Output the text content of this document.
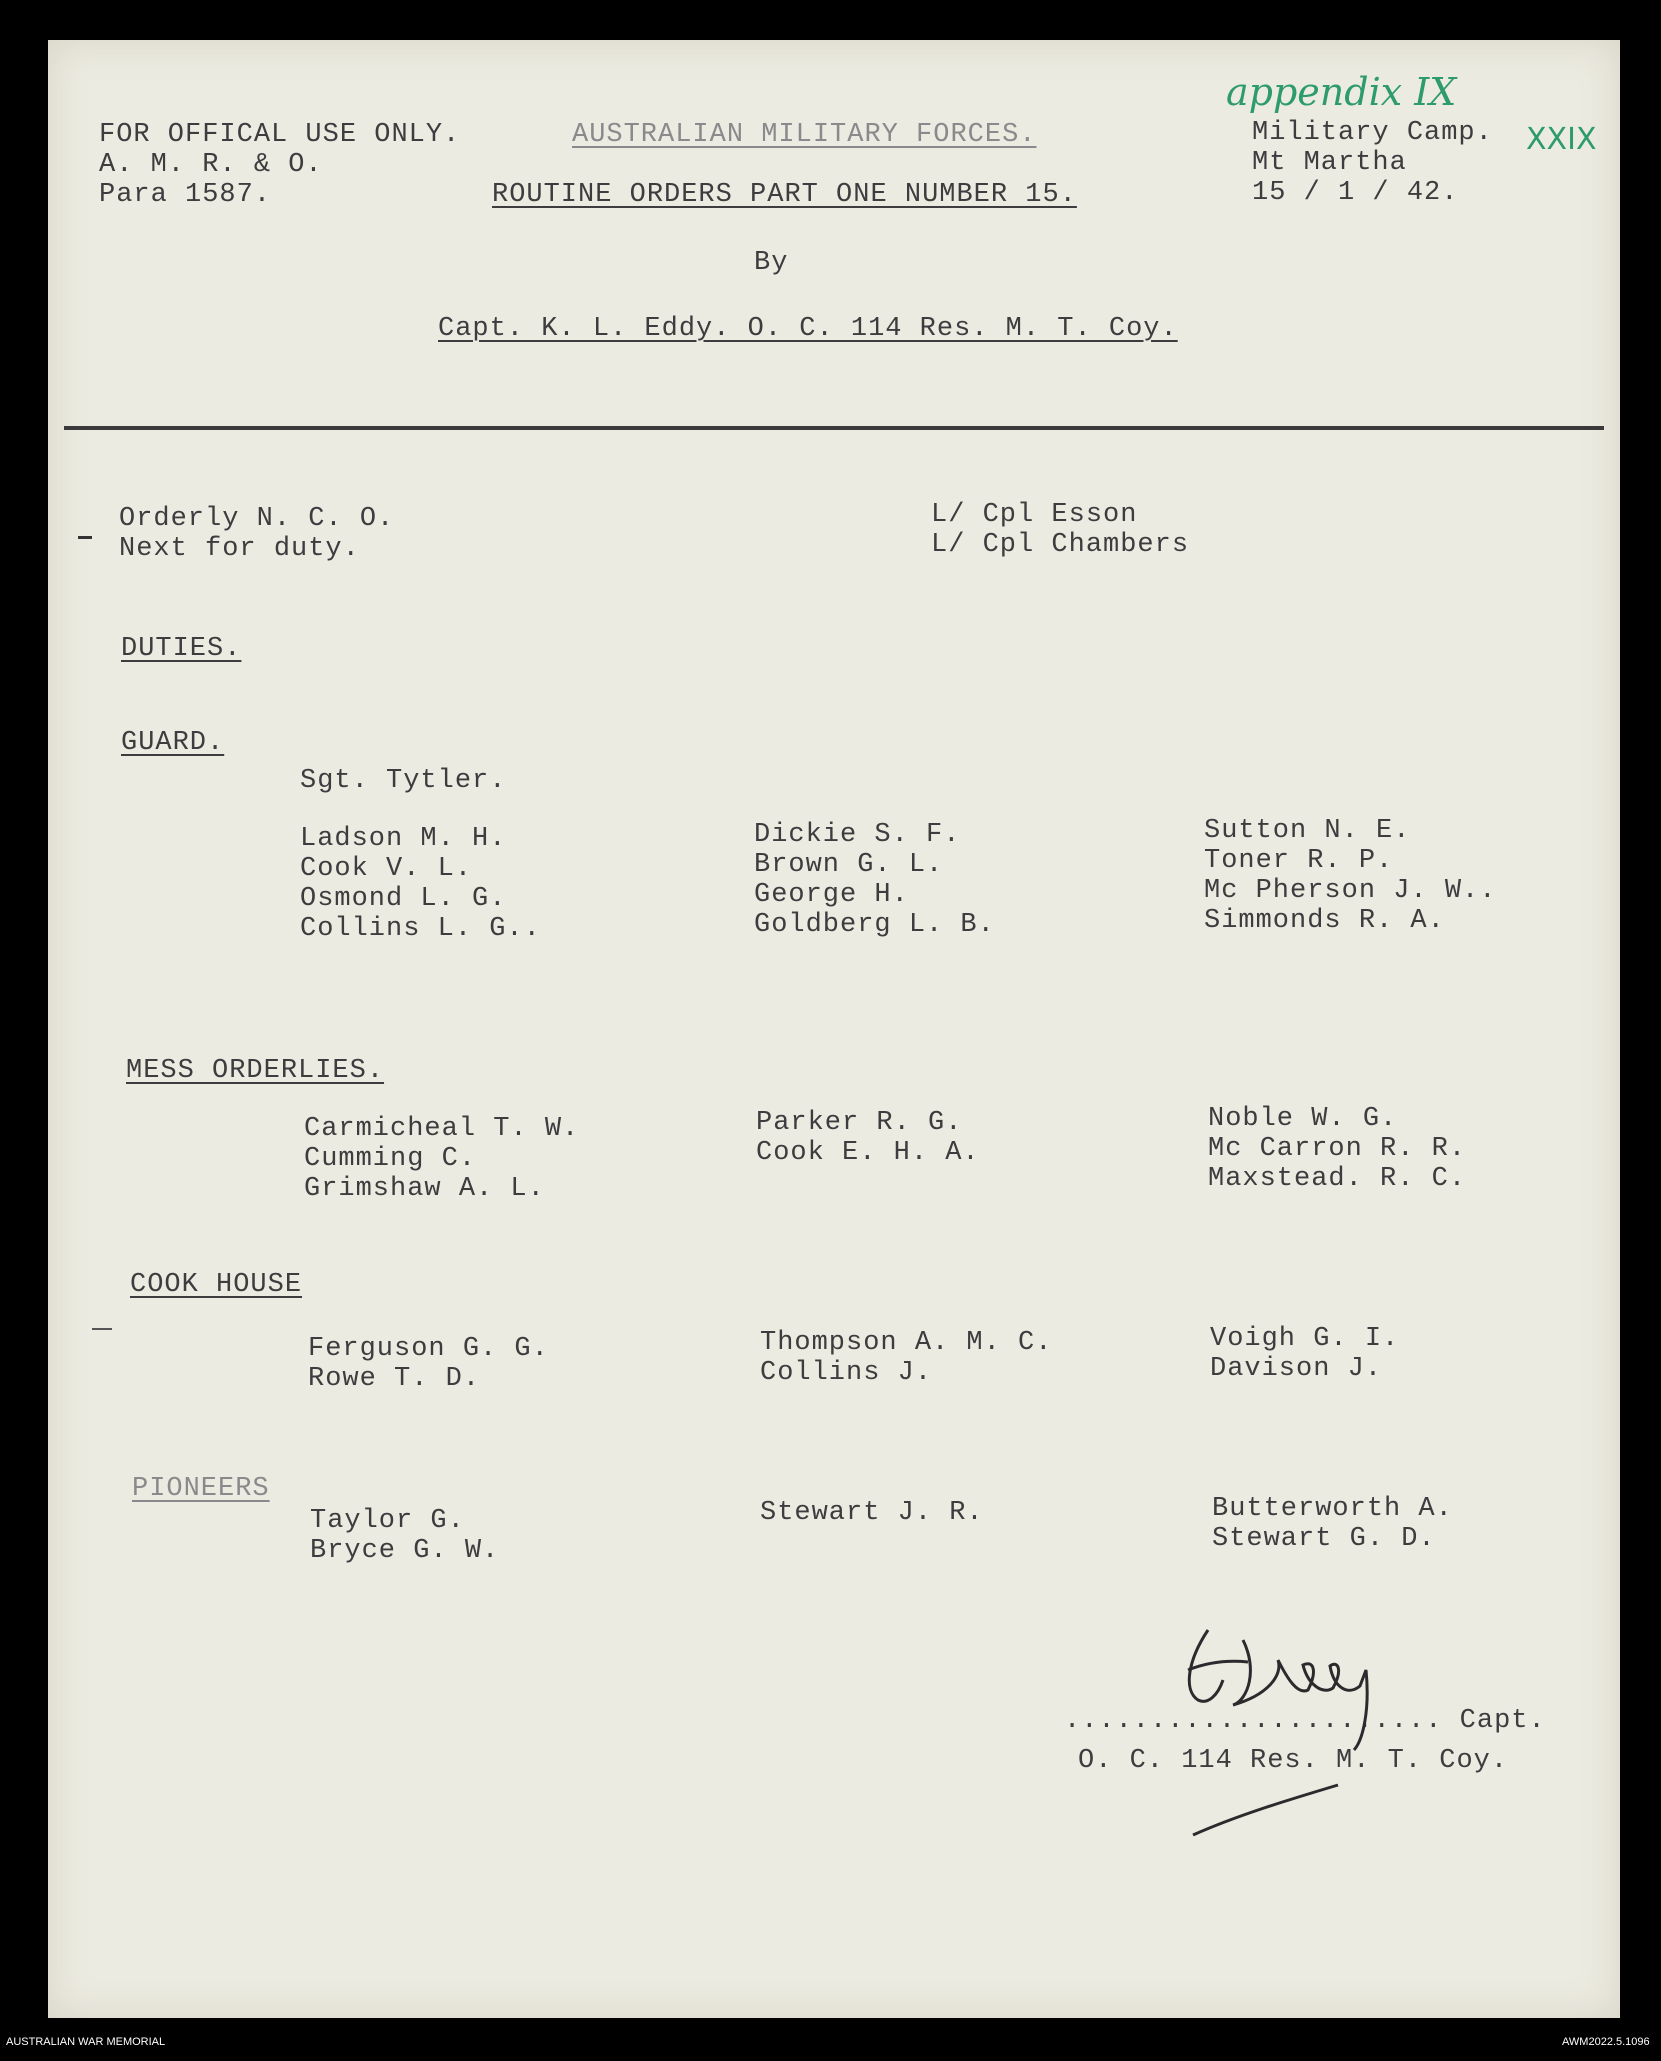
FOR OFFICAL USE ONLY.
A. M. R. & O.
Para 1587.
AUSTRALIAN MILITARY FORCES.
ROUTINE ORDERS PART ONE NUMBER 15.
By
Capt. K. L. Eddy. O. C. 114 Res. M. T. Coy.
Military Camp.
Mt Martha
15 / 1 / 42.
appendix IX
XXIX
Orderly N. C. O.
Next for duty.
L/ Cpl Esson
L/ Cpl Chambers
DUTIES.
GUARD.
Sgt. Tytler.
Ladson M. H.
Cook V. L.
Osmond L. G.
Collins L. G..
Dickie S. F.
Brown G. L.
George H.
Goldberg L. B.
Sutton N. E.
Toner R. P.
Mc Pherson J. W..
Simmonds R. A.
MESS ORDERLIES.
Carmicheal T. W.
Cumming C.
Grimshaw A. L.
Parker R. G.
Cook E. H. A.
Noble W. G.
Mc Carron R. R.
Maxstead. R. C.
COOK HOUSE
Ferguson G. G.
Rowe T. D.
Thompson A. M. C.
Collins J.
Voigh G. I.
Davison J.
PIONEERS
Taylor G.
Bryce G. W.
Stewart J. R.	Butterworth A.
Stewart G. D.
...................... Capt.
O. C. 114 Res. M. T. Coy.
AUSTRALIAN WAR MEMORIAL	AWM2022.5.1096
